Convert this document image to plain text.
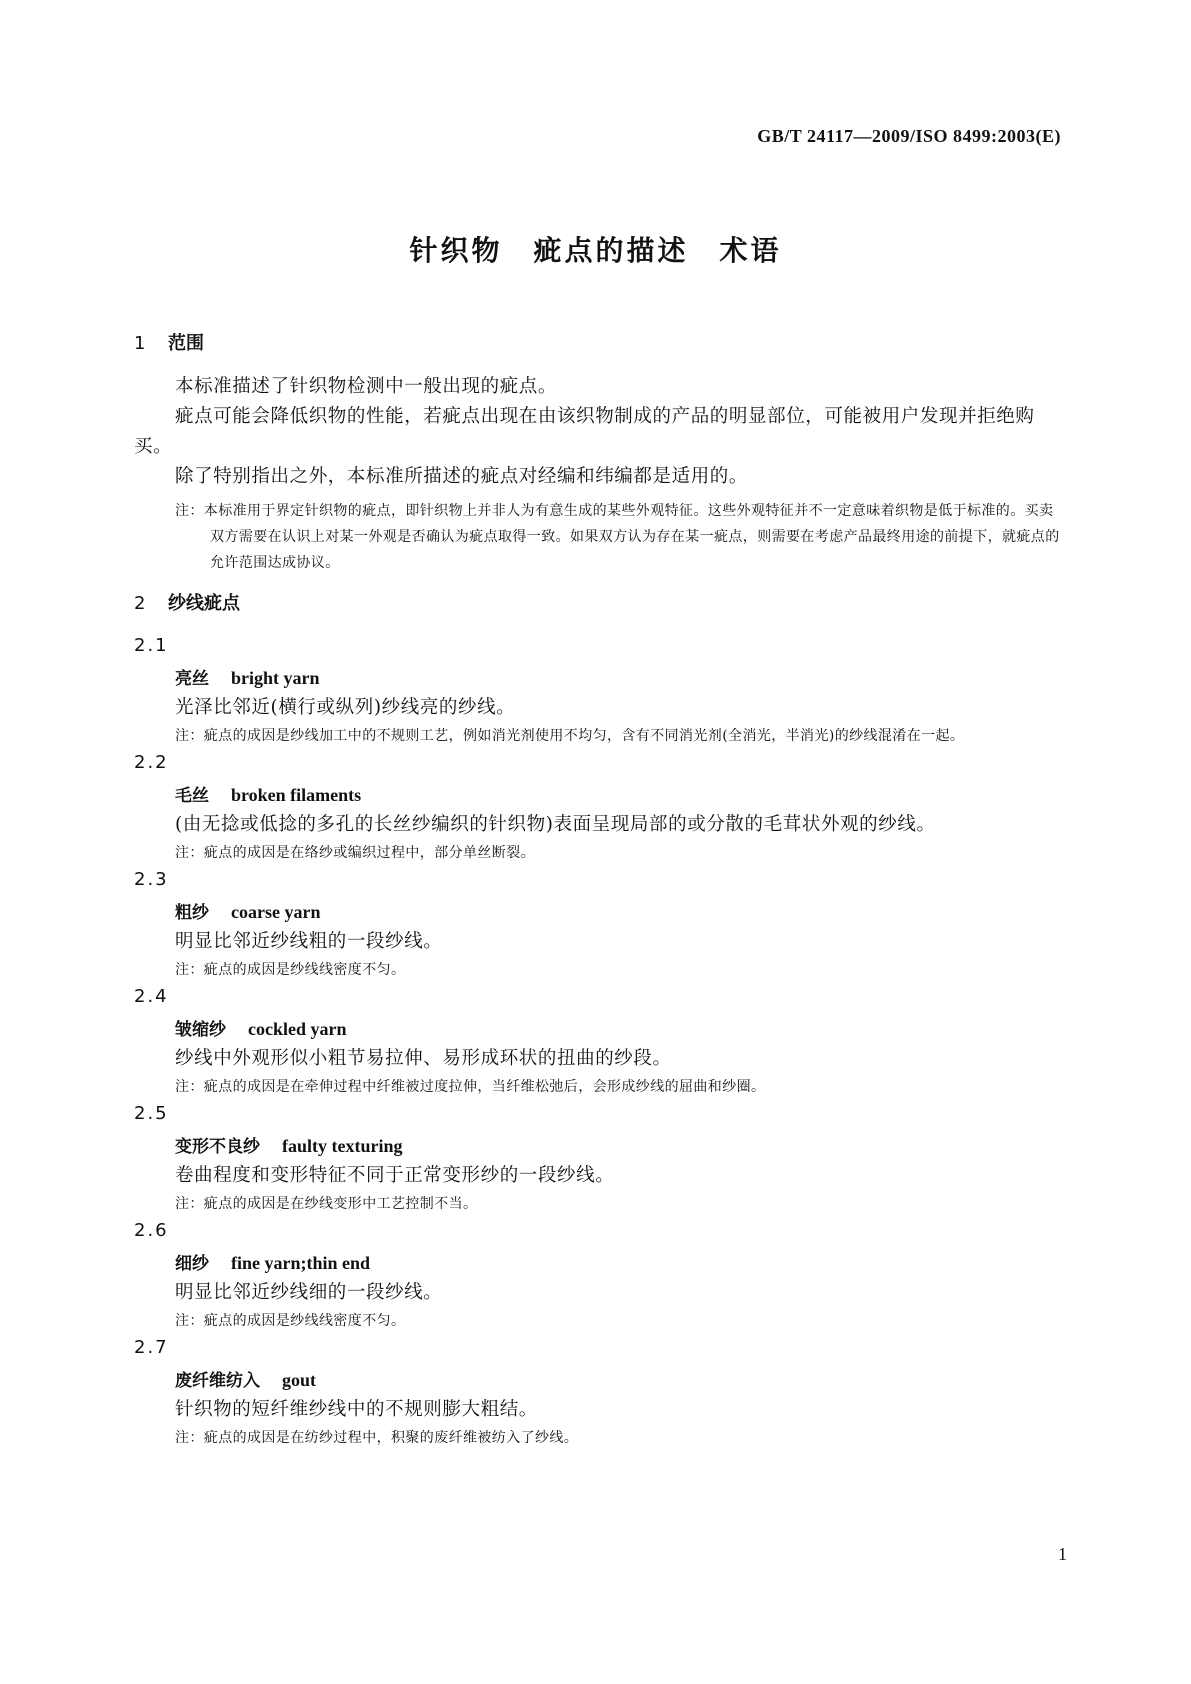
GB/T 24117—2009/ISO 8499:2003(E)
针织物　疵点的描述　术语

1 范围

本标准描述了针织物检测中一般出现的疵点。

疵点可能会降低织物的性能，若疵点出现在由该织物制成的产品的明显部位，可能被用户发现并拒绝购买。

除了特别指出之外，本标准所描述的疵点对经编和纬编都是适用的。

注：本标准用于界定针织物的疵点，即针织物上并非人为有意生成的某些外观特征。这些外观特征并不一定意味着织物是低于标准的。买卖双方需要在认识上对某一外观是否确认为疵点取得一致。如果双方认为存在某一疵点，则需要在考虑产品最终用途的前提下，就疵点的允许范围达成协议。

2 纱线疵点

2.1

亮丝 bright yarn

光泽比邻近(横行或纵列)纱线亮的纱线。

注：疵点的成因是纱线加工中的不规则工艺，例如消光剂使用不均匀，含有不同消光剂(全消光，半消光)的纱线混淆在一起。

2.2

毛丝 broken filaments

(由无捻或低捻的多孔的长丝纱编织的针织物)表面呈现局部的或分散的毛茸状外观的纱线。

注：疵点的成因是在络纱或编织过程中，部分单丝断裂。

2.3

粗纱 coarse yarn

明显比邻近纱线粗的一段纱线。

注：疵点的成因是纱线线密度不匀。

2.4

皱缩纱 cockled yarn

纱线中外观形似小粗节易拉伸、易形成环状的扭曲的纱段。

注：疵点的成因是在牵伸过程中纤维被过度拉伸，当纤维松弛后，会形成纱线的屈曲和纱圈。

2.5

变形不良纱 faulty texturing

卷曲程度和变形特征不同于正常变形纱的一段纱线。

注：疵点的成因是在纱线变形中工艺控制不当。

2.6

细纱 fine yarn;thin end

明显比邻近纱线细的一段纱线。

注：疵点的成因是纱线线密度不匀。

2.7

废纤维纺入 gout

针织物的短纤维纱线中的不规则膨大粗结。

注：疵点的成因是在纺纱过程中，积聚的废纤维被纺入了纱线。

1
